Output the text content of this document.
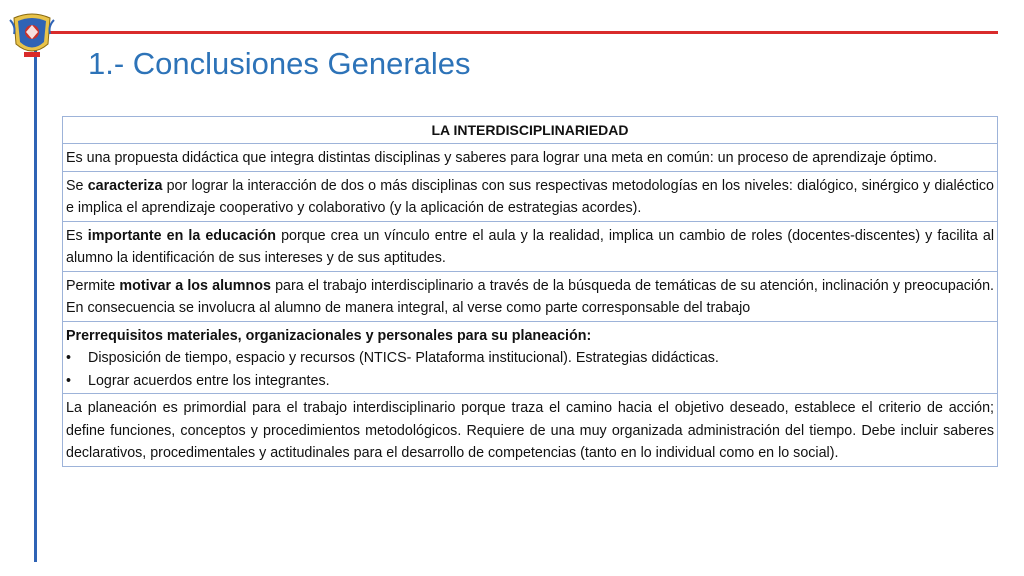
1.- Conclusiones Generales
LA INTERDISCIPLINARIEDAD
Es una propuesta didáctica que integra distintas disciplinas y saberes para lograr una meta en común: un proceso de aprendizaje óptimo.
Se caracteriza por lograr la interacción de dos o más disciplinas con sus respectivas metodologías en los niveles: dialógico, sinérgico y dialéctico e implica el aprendizaje cooperativo y colaborativo (y la aplicación de estrategias acordes).
Es importante en la educación porque crea un vínculo entre el aula y la realidad, implica un cambio de roles (docentes-discentes) y facilita al alumno la identificación de sus intereses y de sus aptitudes.
Permite motivar a los alumnos para el trabajo interdisciplinario a través de la búsqueda de temáticas de su atención, inclinación y preocupación. En consecuencia se involucra al alumno de manera integral, al verse como parte corresponsable del trabajo
Prerrequisitos materiales, organizacionales y personales para su planeación:
•	Disposición de tiempo, espacio y recursos (NTICS- Plataforma institucional). Estrategias didácticas.
•	Lograr acuerdos entre los integrantes.

La planeación es primordial para el trabajo interdisciplinario porque traza el camino hacia el objetivo deseado, establece el criterio de acción; define funciones, conceptos y procedimientos metodológicos. Requiere de una muy organizada administración del tiempo. Debe incluir saberes declarativos, procedimentales y actitudinales para el desarrollo de competencias (tanto en lo individual como en lo social).
